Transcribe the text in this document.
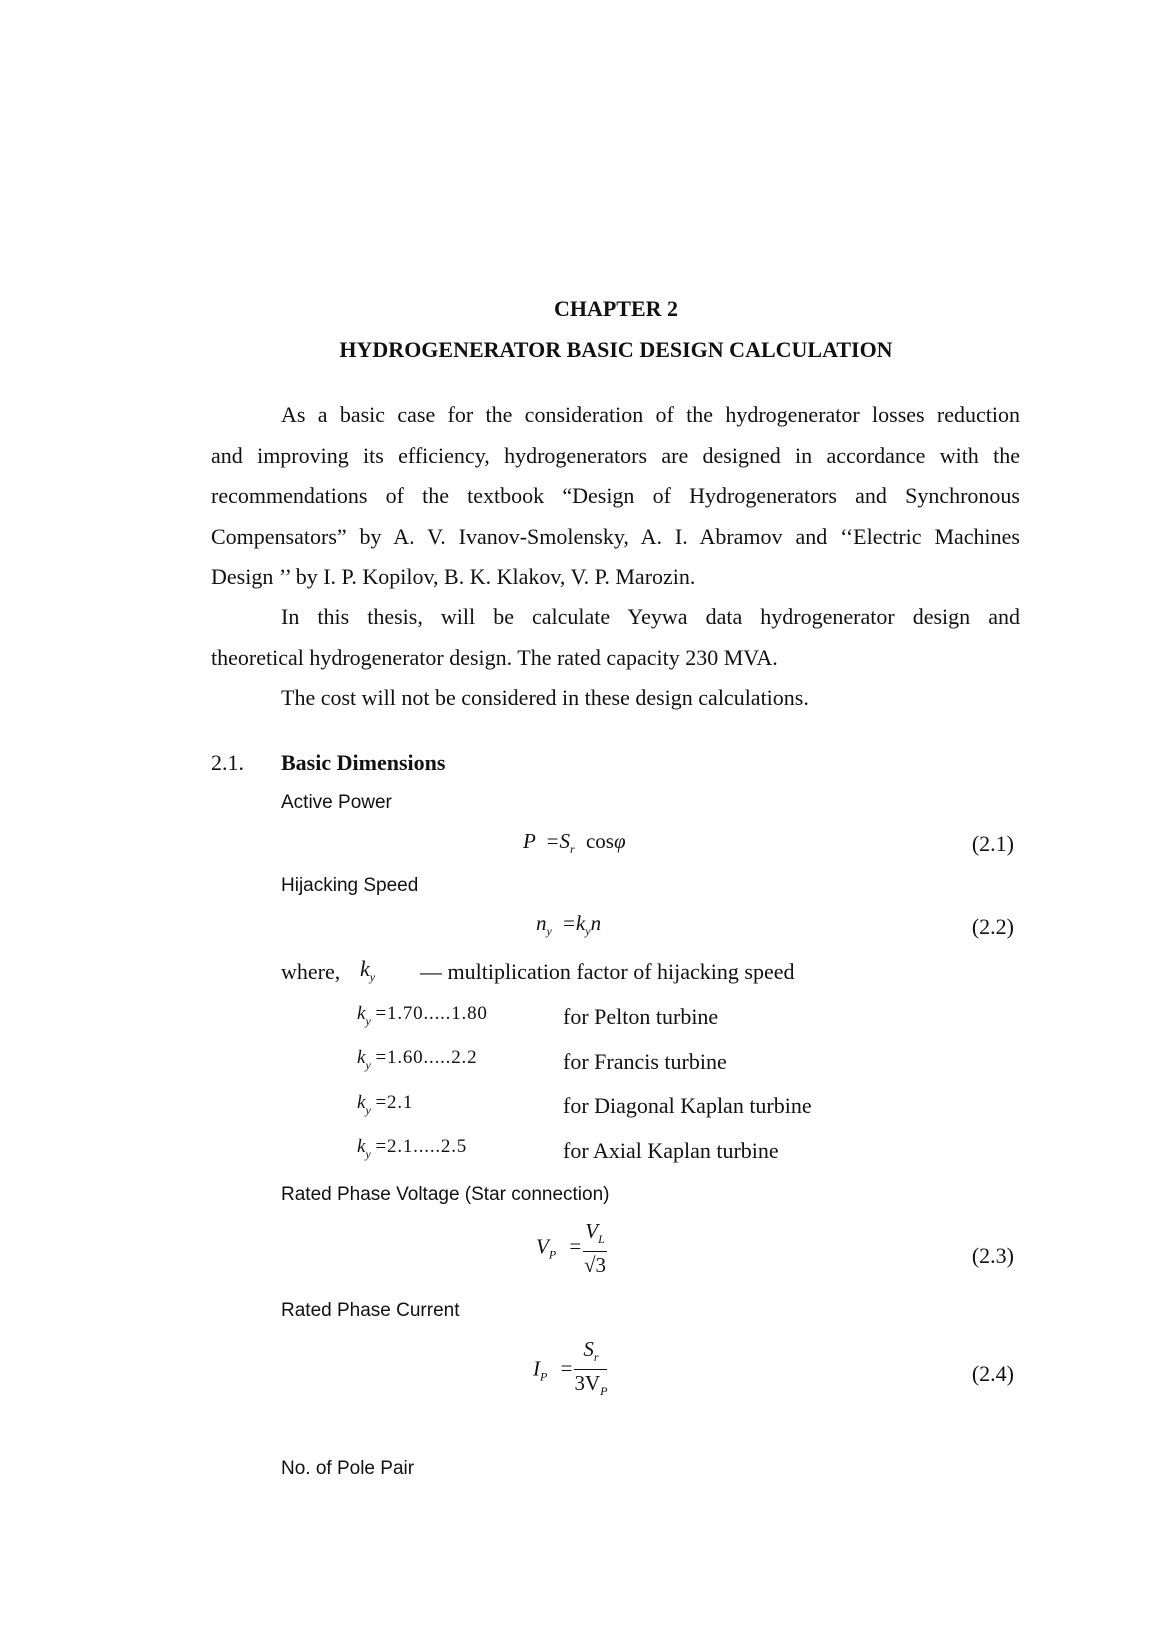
CHAPTER 2
HYDROGENERATOR BASIC DESIGN CALCULATION
As a basic case for the consideration of the hydrogenerator losses reduction
and improving its efficiency, hydrogenerators are designed in accordance with the
recommendations of the textbook “Design of Hydrogenerators and Synchronous
Compensators” by A. V. Ivanov-Smolensky, A. I. Abramov and ‘‘Electric Machines
Design ’’ by I. P. Kopilov, B. K. Klakov, V. P. Marozin.
In this thesis, will be calculate Yeywa data hydrogenerator design and
theoretical hydrogenerator design. The rated capacity 230 MVA.
The cost will not be considered in these design calculations.
2.1. Basic Dimensions
Active Power
$P =S_r$ cosφ	(2.1)
Hijacking Speed
$n_y =k_yn$	(2.2)
where, $k_y$ — multiplication factor of hijacking speed
$k_y =1.70.....1.80$	for Pelton turbine
$k_y =1.60.....2.2$	for Francis turbine
$k_y =2.1$	for Diagonal Kaplan turbine
$k_y =2.1.....2.5$	for Axial Kaplan turbine
Rated Phase Voltage (Star connection)
$V_P = \frac{V_L}{√3}$	(2.3)
Rated Phase Current
$I_P = \frac{S_r}{3V_P}$	(2.4)
No. of Pole Pair
